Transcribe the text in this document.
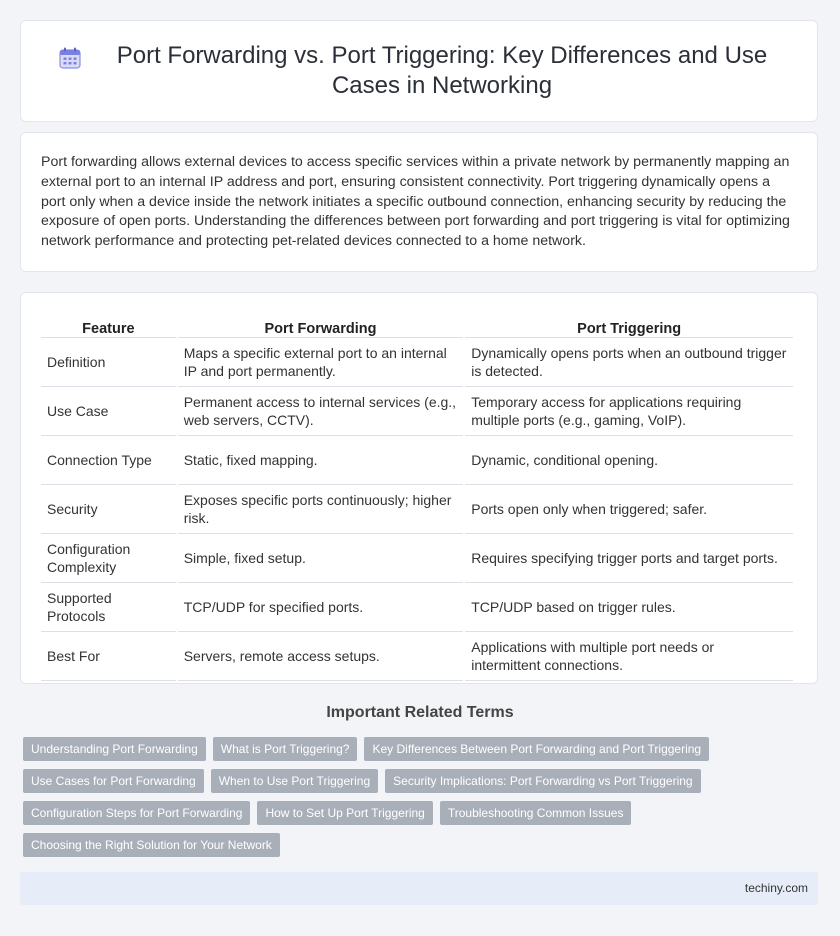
Port Forwarding vs. Port Triggering: Key Differences and Use Cases in Networking

Port forwarding allows external devices to access specific services within a private network by permanently mapping an external port to an internal IP address and port, ensuring consistent connectivity. Port triggering dynamically opens a port only when a device inside the network initiates a specific outbound connection, enhancing security by reducing the exposure of open ports. Understanding the differences between port forwarding and port triggering is vital for optimizing network performance and protecting pet-related devices connected to a home network.

Feature	Port Forwarding	Port Triggering
Definition	Maps a specific external port to an internal IP and port permanently.	Dynamically opens ports when an outbound trigger is detected.
Use Case	Permanent access to internal services (e.g., web servers, CCTV).	Temporary access for applications requiring multiple ports (e.g., gaming, VoIP).
Connection Type	Static, fixed mapping.	Dynamic, conditional opening.
Security	Exposes specific ports continuously; higher risk.	Ports open only when triggered; safer.
Configuration Complexity	Simple, fixed setup.	Requires specifying trigger ports and target ports.
Supported Protocols	TCP/UDP for specified ports.	TCP/UDP based on trigger rules.
Best For	Servers, remote access setups.	Applications with multiple port needs or intermittent connections.
Important Related Terms
Understanding Port Forwarding	What is Port Triggering?	Key Differences Between Port Forwarding and Port Triggering
Use Cases for Port Forwarding	When to Use Port Triggering	Security Implications: Port Forwarding vs Port Triggering
Configuration Steps for Port Forwarding	How to Set Up Port Triggering	Troubleshooting Common Issues
Choosing the Right Solution for Your Network
techiny.com
